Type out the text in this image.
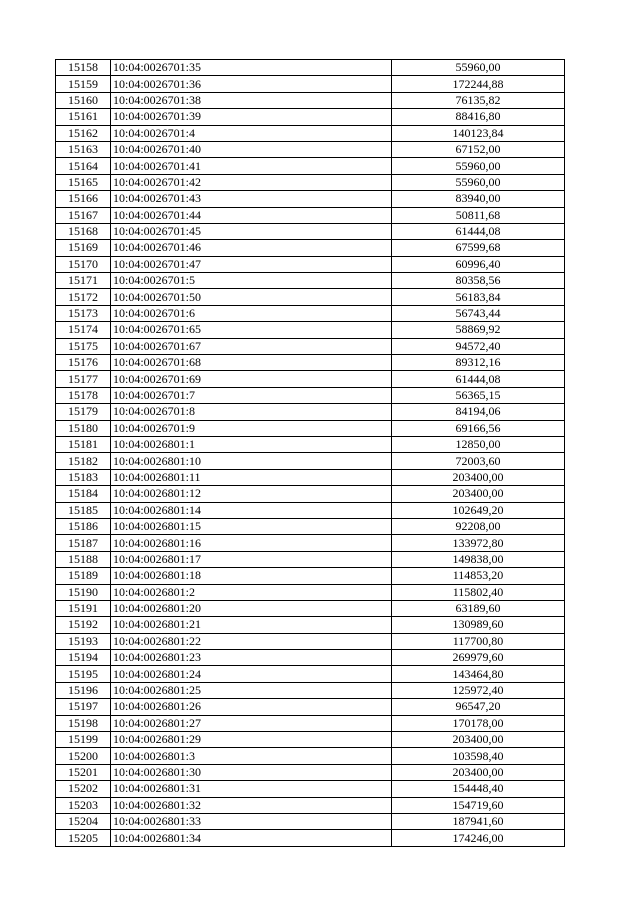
15158	10:04:0026701:35	55960,00
15159	10:04:0026701:36	172244,88
15160	10:04:0026701:38	76135,82
15161	10:04:0026701:39	88416,80
15162	10:04:0026701:4	140123,84
15163	10:04:0026701:40	67152,00
15164	10:04:0026701:41	55960,00
15165	10:04:0026701:42	55960,00
15166	10:04:0026701:43	83940,00
15167	10:04:0026701:44	50811,68
15168	10:04:0026701:45	61444,08
15169	10:04:0026701:46	67599,68
15170	10:04:0026701:47	60996,40
15171	10:04:0026701:5	80358,56
15172	10:04:0026701:50	56183,84
15173	10:04:0026701:6	56743,44
15174	10:04:0026701:65	58869,92
15175	10:04:0026701:67	94572,40
15176	10:04:0026701:68	89312,16
15177	10:04:0026701:69	61444,08
15178	10:04:0026701:7	56365,15
15179	10:04:0026701:8	84194,06
15180	10:04:0026701:9	69166,56
15181	10:04:0026801:1	12850,00
15182	10:04:0026801:10	72003,60
15183	10:04:0026801:11	203400,00
15184	10:04:0026801:12	203400,00
15185	10:04:0026801:14	102649,20
15186	10:04:0026801:15	92208,00
15187	10:04:0026801:16	133972,80
15188	10:04:0026801:17	149838,00
15189	10:04:0026801:18	114853,20
15190	10:04:0026801:2	115802,40
15191	10:04:0026801:20	63189,60
15192	10:04:0026801:21	130989,60
15193	10:04:0026801:22	117700,80
15194	10:04:0026801:23	269979,60
15195	10:04:0026801:24	143464,80
15196	10:04:0026801:25	125972,40
15197	10:04:0026801:26	96547,20
15198	10:04:0026801:27	170178,00
15199	10:04:0026801:29	203400,00
15200	10:04:0026801:3	103598,40
15201	10:04:0026801:30	203400,00
15202	10:04:0026801:31	154448,40
15203	10:04:0026801:32	154719,60
15204	10:04:0026801:33	187941,60
15205	10:04:0026801:34	174246,00
